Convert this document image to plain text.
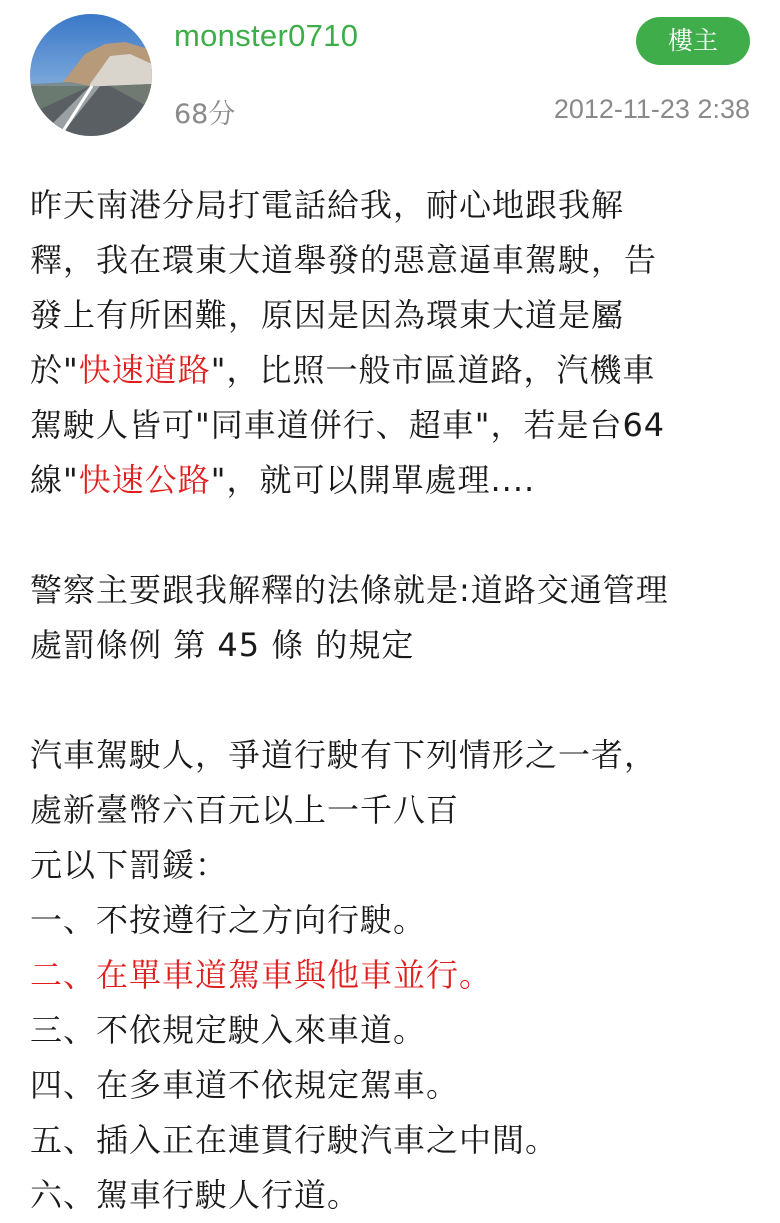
monster0710
68分
樓主
2012-11-23 2:38

昨天南港分局打電話給我，耐心地跟我解

釋，我在環東大道舉發的惡意逼車駕駛，告

發上有所困難，原因是因為環東大道是屬

於"快速道路"，比照一般市區道路，汽機車

駕駛人皆可"同車道併行、超車"，若是台64

線"快速公路"，就可以開單處理....

警察主要跟我解釋的法條就是:道路交通管理

處罰條例 第 45 條 的規定

汽車駕駛人，爭道行駛有下列情形之一者，

處新臺幣六百元以上一千八百

元以下罰鍰：

一、不按遵行之方向行駛。

二、在單車道駕車與他車並行。

三、不依規定駛入來車道。

四、在多車道不依規定駕車。

五、插入正在連貫行駛汽車之中間。

六、駕車行駛人行道。
